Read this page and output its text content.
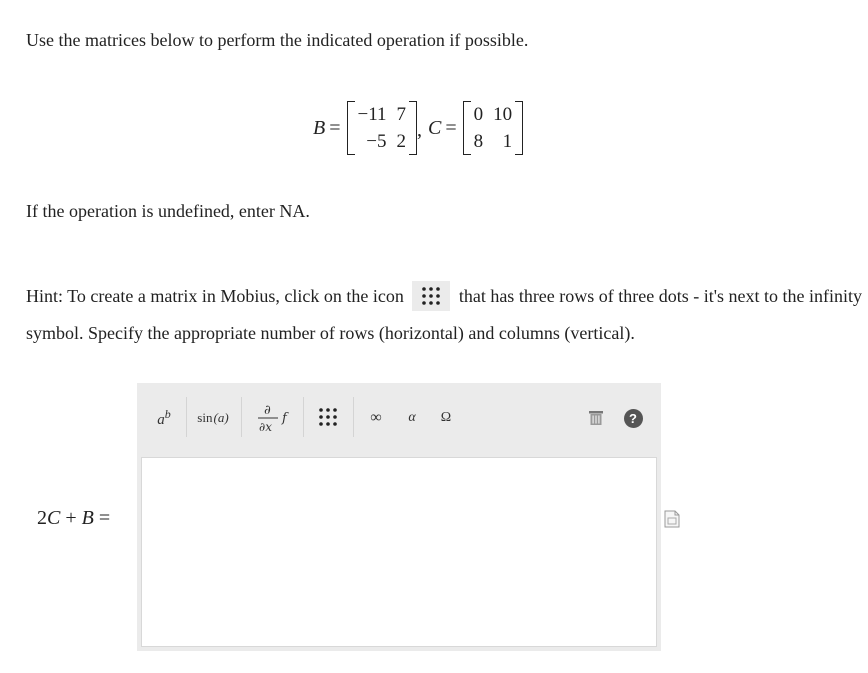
Use the matrices below to perform the indicated operation if possible.
B =
−11 7
−5 2 , C =
0 10
8	1
If the operation is undefined, enter NA.
Hint: To create a matrix in Mobius, click on the icon	that has three rows of three dots - it's next to the infinity symbol. Specify the appropriate number of rows (horizontal) and columns (vertical).
$a^b$ sin (a)	∂
∂x
f	∞ α Ω	?
2C + B =
